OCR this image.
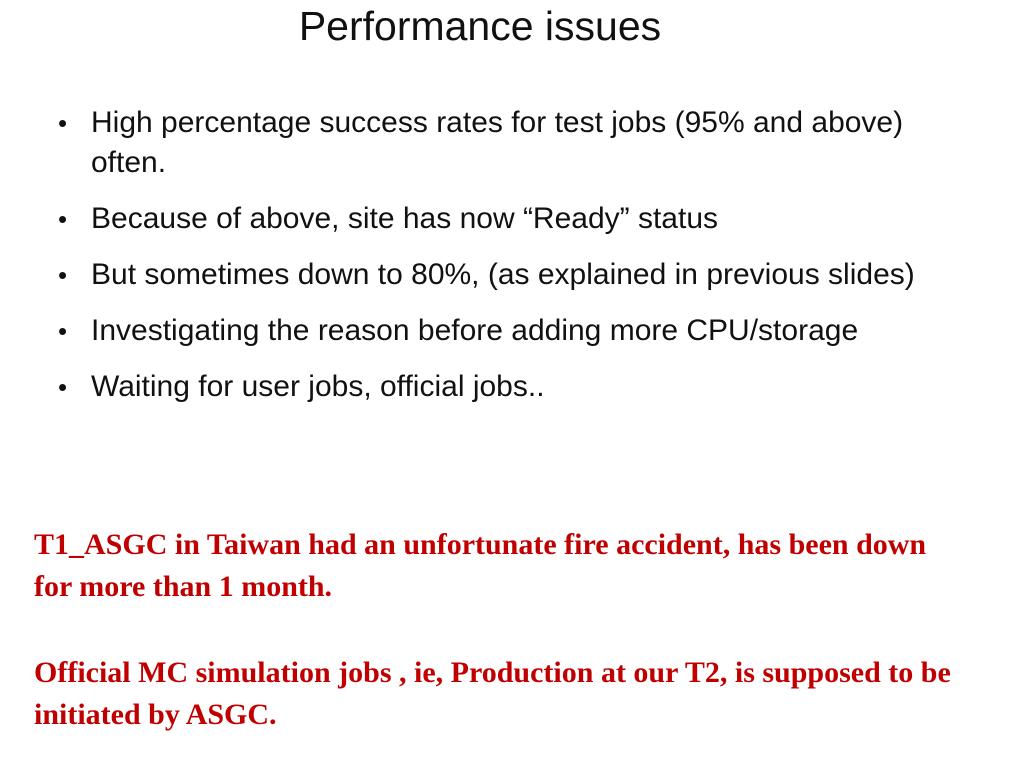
Performance issues
• High percentage success rates for test jobs (95% and above) often.
• Because of above, site has now “Ready” status
• But sometimes down to 80%, (as explained in previous slides)
• Investigating the reason before adding more CPU/storage
• Waiting for user jobs, official jobs..
T1_ASGC in Taiwan had an unfortunate fire accident, has been down for more than 1 month.
Official MC simulation jobs , ie, Production at our T2, is supposed to be initiated by ASGC.
